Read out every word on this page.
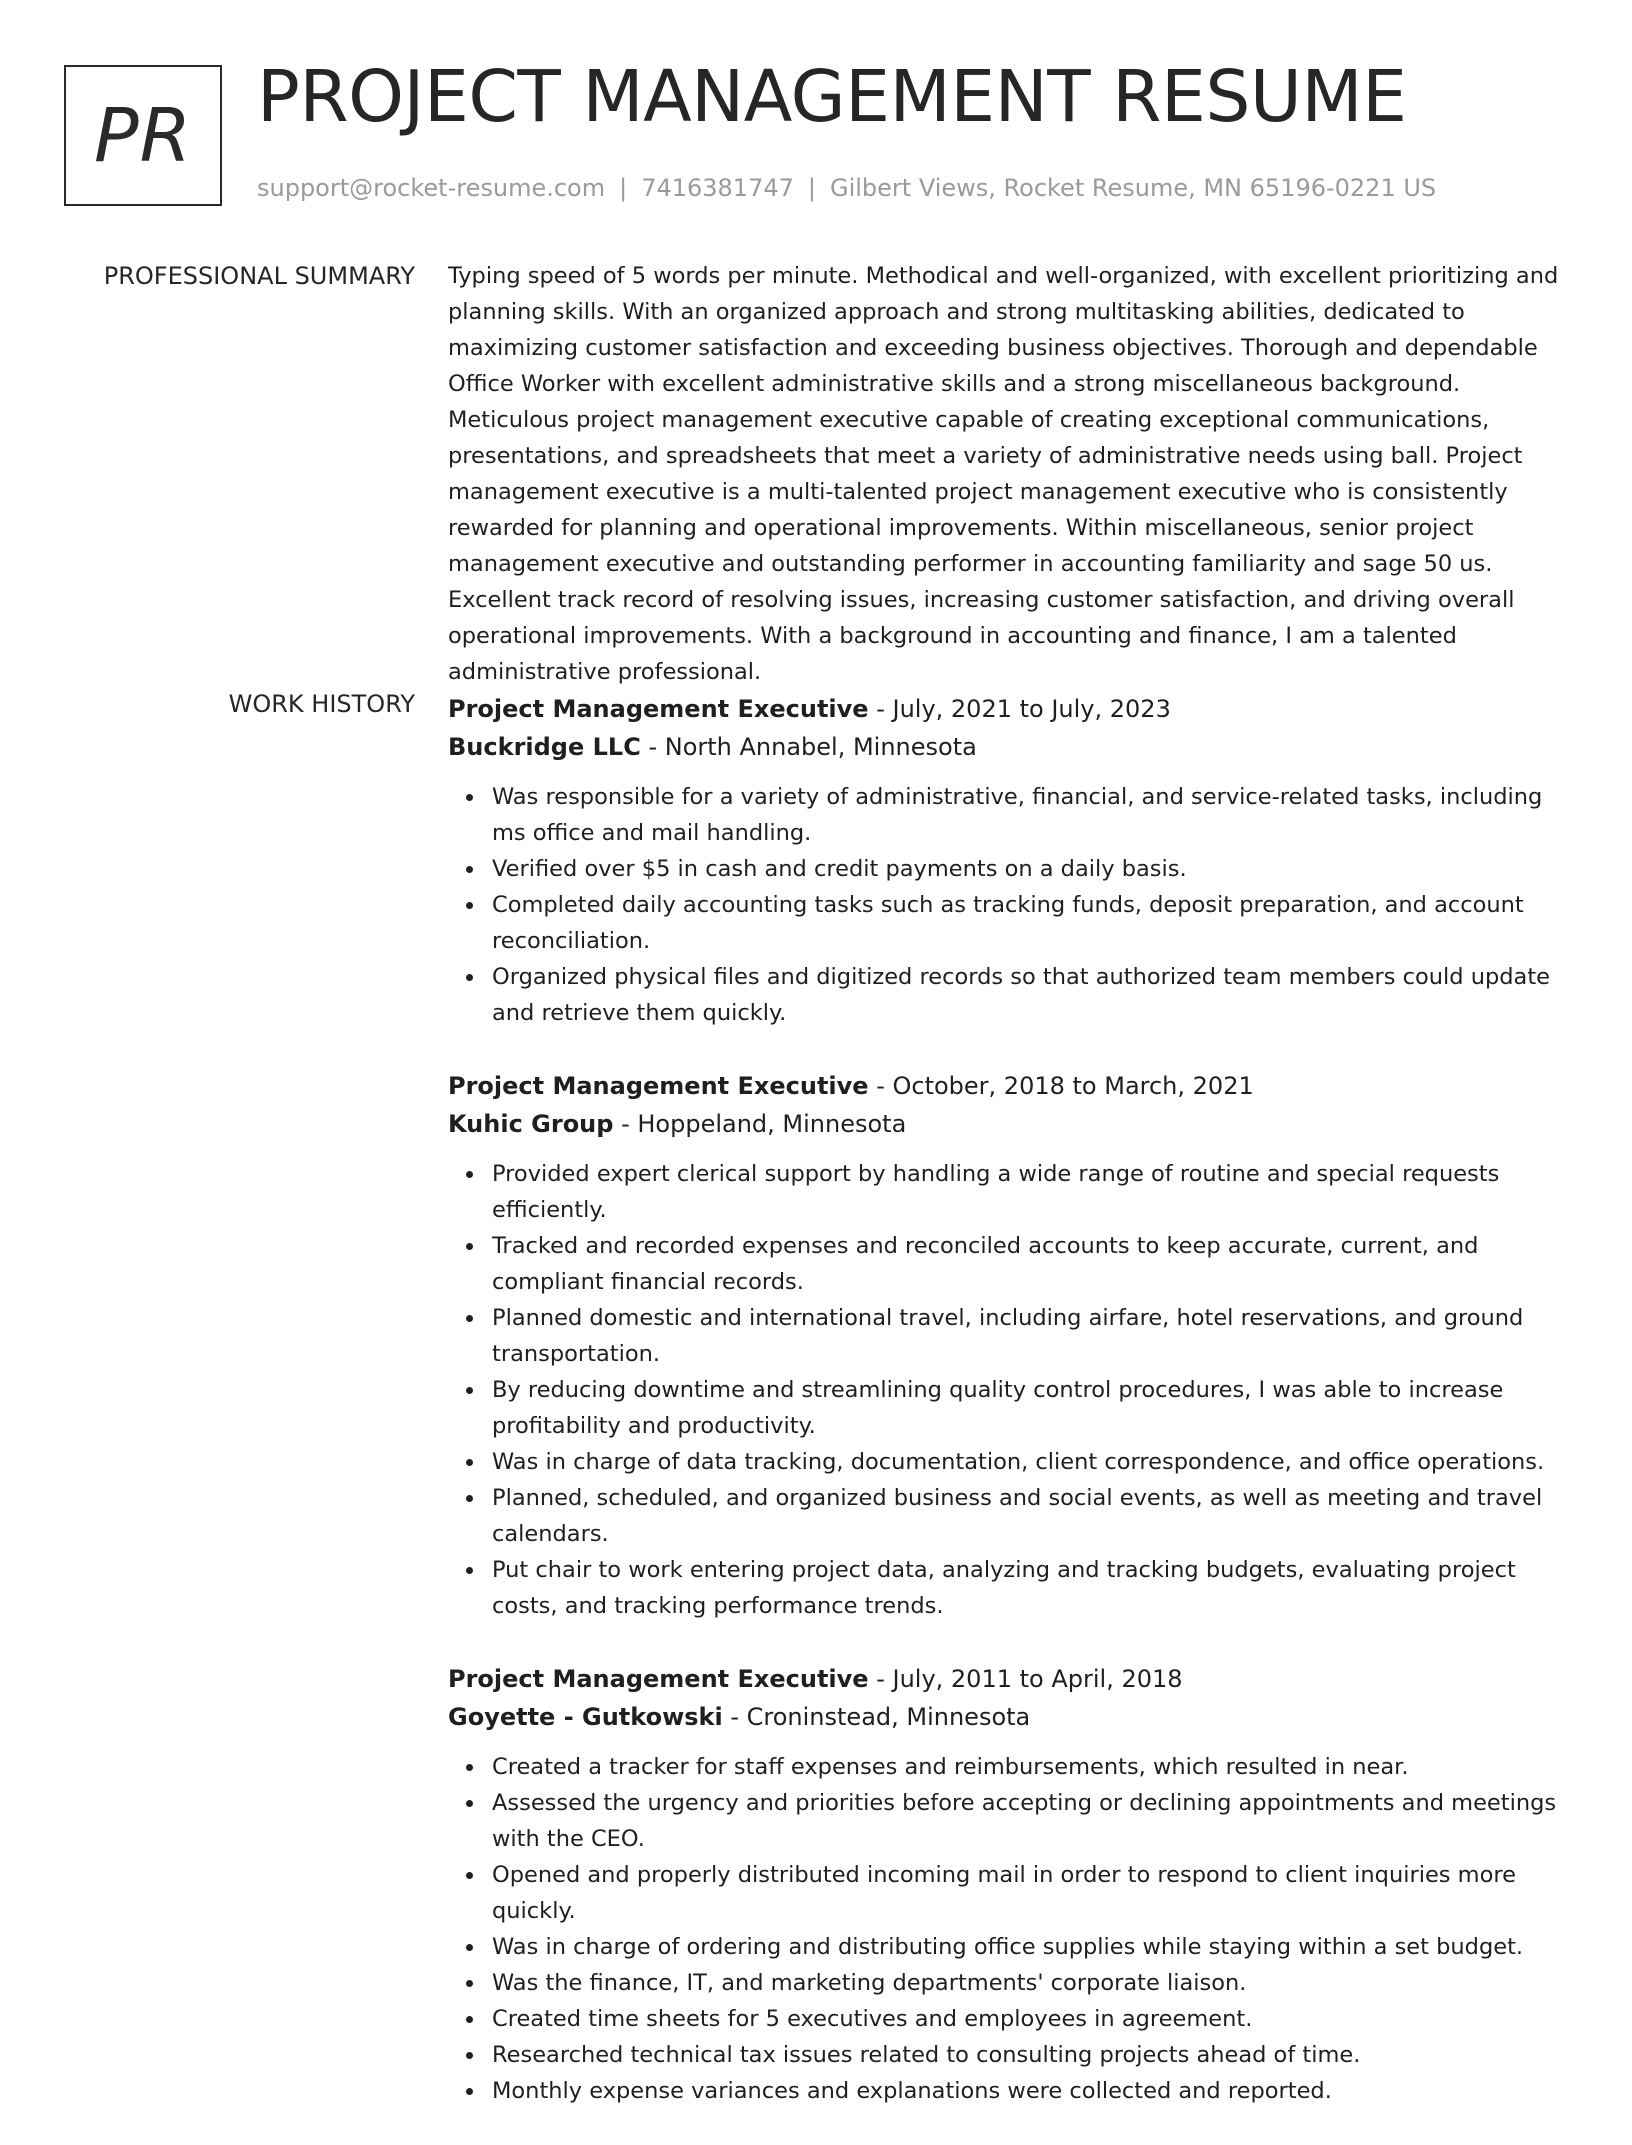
PR PROJECT MANAGEMENT RESUME
support@rocket-resume.com | 7416381747 | Gilbert Views, Rocket Resume, MN 65196-0221 US
PROFESSIONAL SUMMARY Typing speed of 5 words per minute. Methodical and well-organized, with excellent prioritizing and planning skills. With an organized approach and strong multitasking abilities, dedicated to maximizing customer satisfaction and exceeding business objectives. Thorough and dependable Office Worker with excellent administrative skills and a strong miscellaneous background. Meticulous project management executive capable of creating exceptional communications, presentations, and spreadsheets that meet a variety of administrative needs using ball. Project management executive is a multi-talented project management executive who is consistently rewarded for planning and operational improvements. Within miscellaneous, senior project management executive and outstanding performer in accounting familiarity and sage 50 us. Excellent track record of resolving issues, increasing customer satisfaction, and driving overall operational improvements. With a background in accounting and finance, I am a talented administrative professional.

WORK HISTORY Project Management Executive - July, 2021 to July, 2023
Buckridge LLC - North Annabel, Minnesota
Was responsible for a variety of administrative, financial, and service-related tasks, including ms office and mail handling.
Verified over $5 in cash and credit payments on a daily basis.
Completed daily accounting tasks such as tracking funds, deposit preparation, and account reconciliation.
Organized physical files and digitized records so that authorized team members could update and retrieve them quickly.
Project Management Executive - October, 2018 to March, 2021
Kuhic Group - Hoppeland, Minnesota
Provided expert clerical support by handling a wide range of routine and special requests efficiently.
Tracked and recorded expenses and reconciled accounts to keep accurate, current, and compliant financial records.
Planned domestic and international travel, including airfare, hotel reservations, and ground transportation.
By reducing downtime and streamlining quality control procedures, I was able to increase profitability and productivity.
Was in charge of data tracking, documentation, client correspondence, and office operations.
Planned, scheduled, and organized business and social events, as well as meeting and travel calendars.
Put chair to work entering project data, analyzing and tracking budgets, evaluating project costs, and tracking performance trends.
Project Management Executive - July, 2011 to April, 2018
Goyette - Gutkowski - Croninstead, Minnesota
Created a tracker for staff expenses and reimbursements, which resulted in near.
Assessed the urgency and priorities before accepting or declining appointments and meetings with the CEO.
Opened and properly distributed incoming mail in order to respond to client inquiries more quickly.
Was in charge of ordering and distributing office supplies while staying within a set budget.
Was the finance, IT, and marketing departments' corporate liaison.
Created time sheets for 5 executives and employees in agreement.
Researched technical tax issues related to consulting projects ahead of time.
Monthly expense variances and explanations were collected and reported.
